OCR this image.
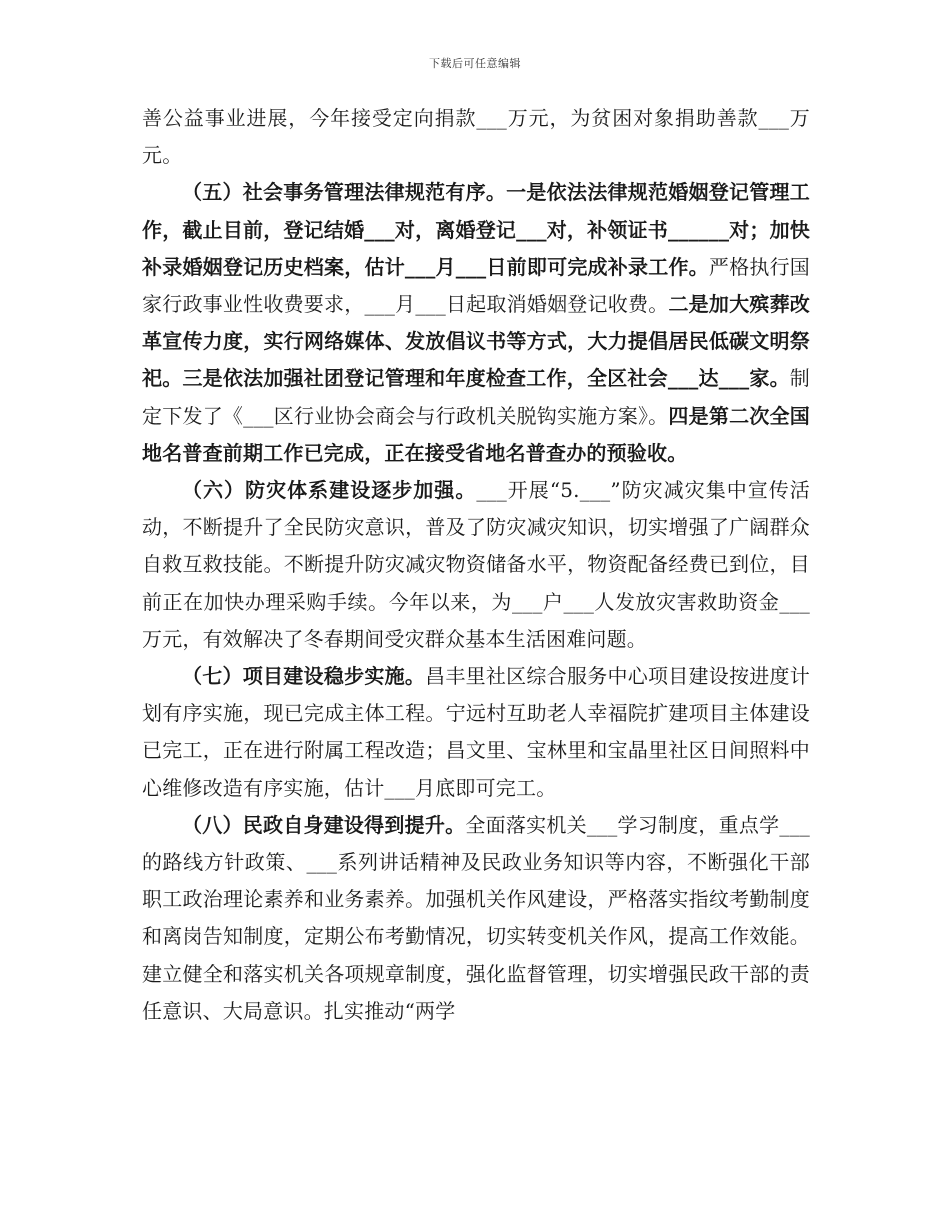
下载后可任意编辑

善公益事业进展，今年接受定向捐款___万元，为贫困对象捐助善款___万元。

（五）社会事务管理法律规范有序。一是依法法律规范婚姻登记管理工作，截止目前，登记结婚___对，离婚登记___对，补领证书______对；加快补录婚姻登记历史档案，估计___月___日前即可完成补录工作。严格执行国家行政事业性收费要求，___月___日起取消婚姻登记收费。二是加大殡葬改革宣传力度，实行网络媒体、发放倡议书等方式，大力提倡居民低碳文明祭祀。三是依法加强社团登记管理和年度检查工作，全区社会___达___家。制定下发了《___区行业协会商会与行政机关脱钩实施方案》。四是第二次全国地名普查前期工作已完成，正在接受省地名普查办的预验收。

（六）防灾体系建设逐步加强。___开展“5.___”防灾减灾集中宣传活动，不断提升了全民防灾意识，普及了防灾减灾知识，切实增强了广阔群众自救互救技能。不断提升防灾减灾物资储备水平，物资配备经费已到位，目前正在加快办理采购手续。今年以来，为___户___人发放灾害救助资金___万元，有效解决了冬春期间受灾群众基本生活困难问题。

（七）项目建设稳步实施。昌丰里社区综合服务中心项目建设按进度计划有序实施，现已完成主体工程。宁远村互助老人幸福院扩建项目主体建设已完工，正在进行附属工程改造；昌文里、宝林里和宝晶里社区日间照料中心维修改造有序实施，估计___月底即可完工。

（八）民政自身建设得到提升。全面落实机关___学习制度，重点学___的路线方针政策、___系列讲话精神及民政业务知识等内容，不断强化干部职工政治理论素养和业务素养。加强机关作风建设，严格落实指纹考勤制度和离岗告知制度，定期公布考勤情况，切实转变机关作风，提高工作效能。建立健全和落实机关各项规章制度，强化监督管理，切实增强民政干部的责任意识、大局意识。扎实推动“两学
